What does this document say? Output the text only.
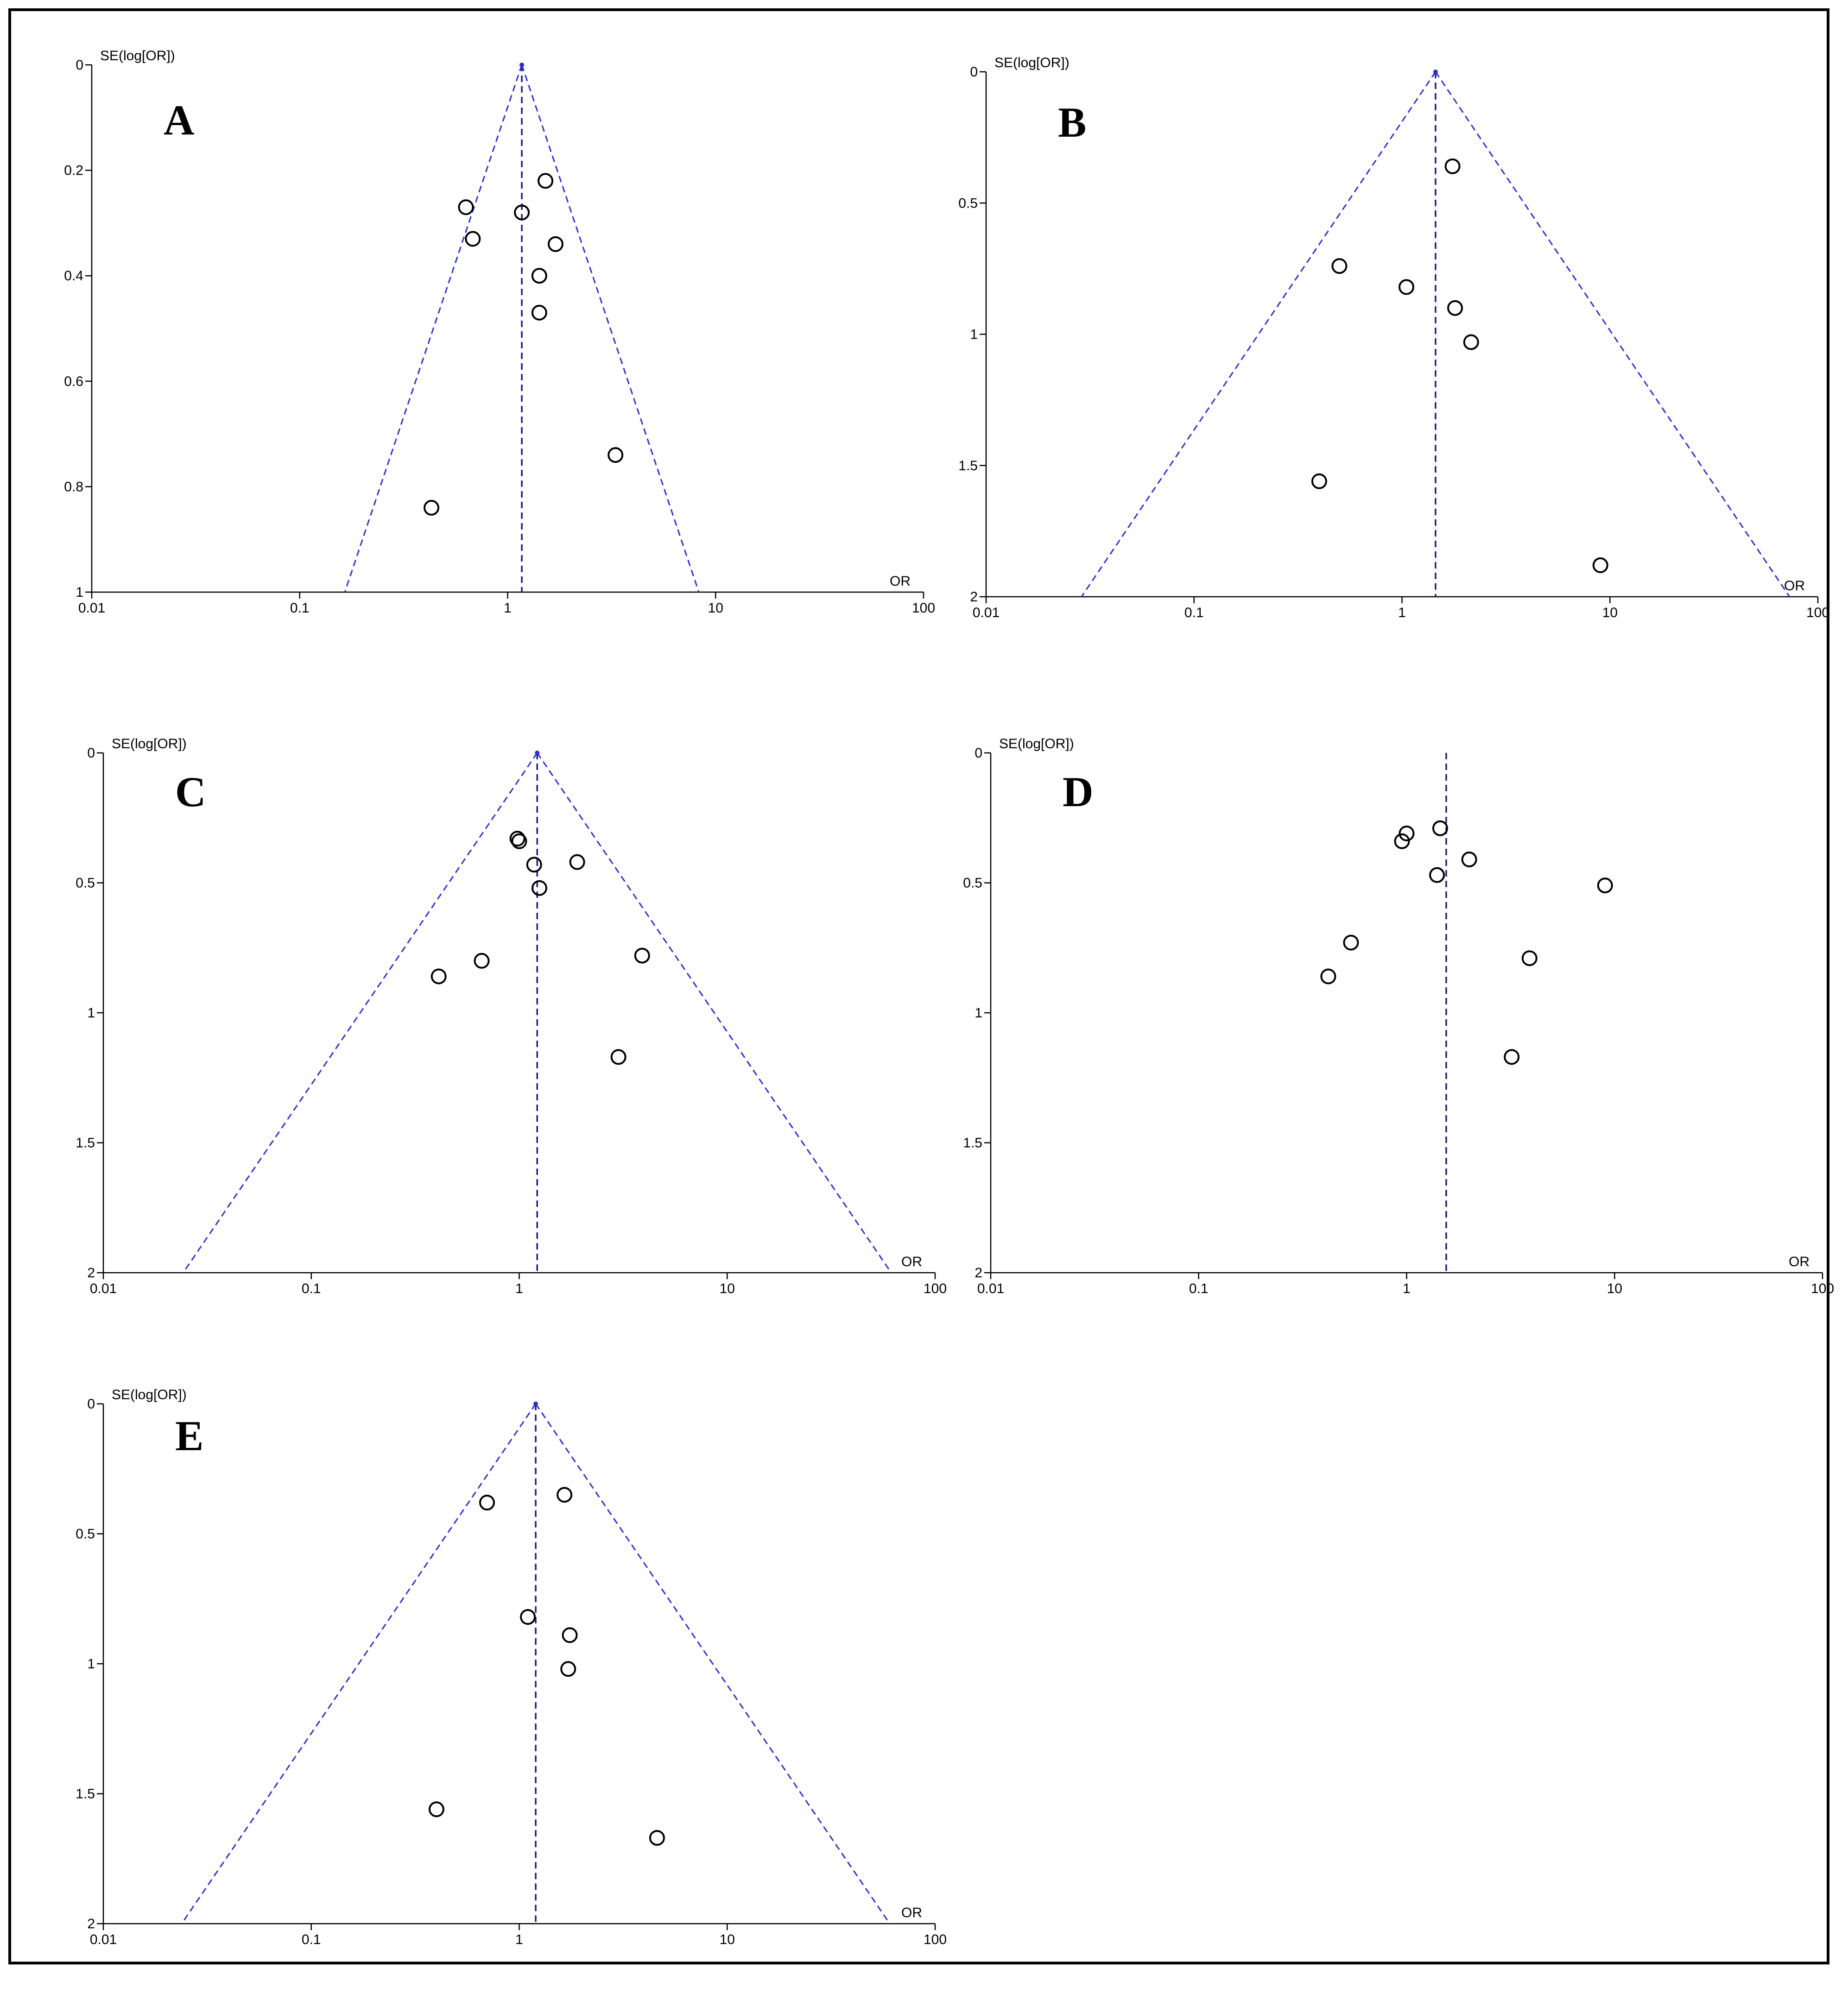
0
0.2
0.4
0.6
0.8
1
0.01	0.1	1	10	100
SE(log[OR])
OR
A
0
0.5
1
1.5
2
0.01	0.1	1	10	100
SE(log[OR])
OR
B
0
0.5
1
1.5
2
0.01	0.1	1	10	100
SE(log[OR])
OR
C
0
0.5
1
1.5
2
0.01	0.1	1	10	100
SE(log[OR])
OR
D
0
0.5
1
1.5
2
0.01	0.1	1	10	100
SE(log[OR])
OR
E
